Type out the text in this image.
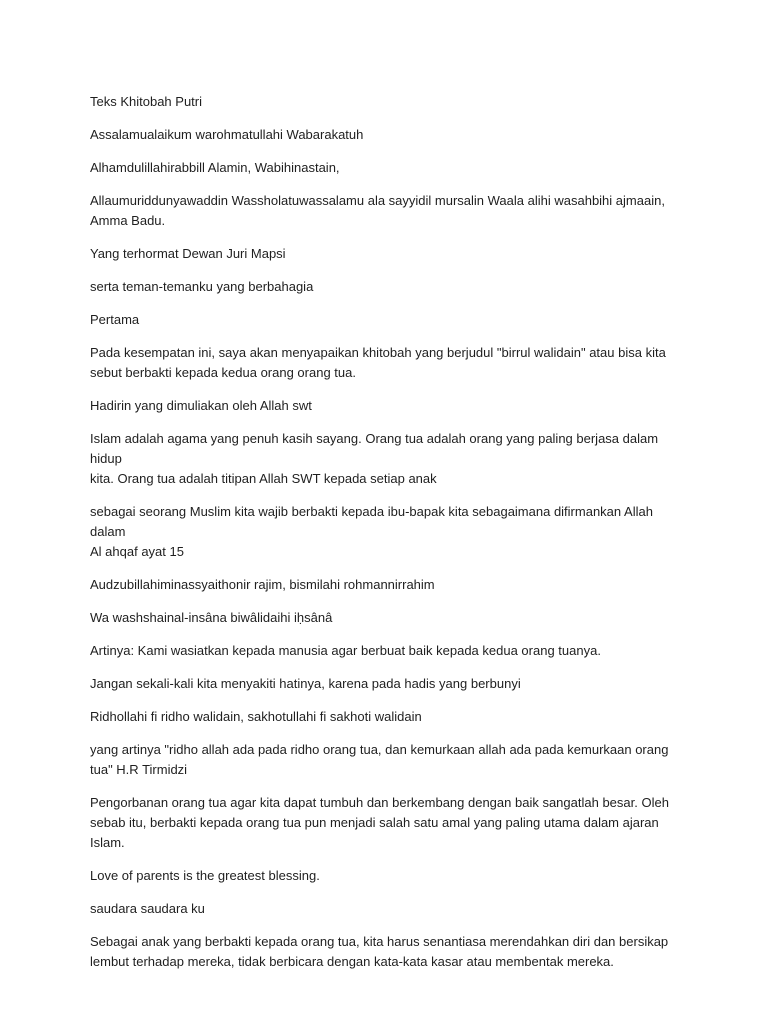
Teks Khitobah Putri

Assalamualaikum warohmatullahi Wabarakatuh

Alhamdulillahirabbill Alamin, Wabihinastain,

Allaumuriddunyawaddin Wassholatuwassalamu ala sayyidil mursalin Waala alihi wasahbihi ajmaain,
Amma Badu.

Yang terhormat Dewan Juri Mapsi

serta teman-temanku yang berbahagia

Pertama

Pada kesempatan ini, saya akan menyapaikan khitobah yang berjudul "birrul walidain" atau bisa kita
sebut berbakti kepada kedua orang orang tua.

Hadirin yang dimuliakan oleh Allah swt

Islam adalah agama yang penuh kasih sayang. Orang tua adalah orang yang paling berjasa dalam hidup
kita. Orang tua adalah titipan Allah SWT kepada setiap anak

sebagai seorang Muslim kita wajib berbakti kepada ibu-bapak kita sebagaimana difirmankan Allah dalam
Al ahqaf ayat 15

Audzubillahiminassyaithonir rajim, bismilahi rohmannirrahim

Wa washshainal-insâna biwâlidaihi iḥsânâ

Artinya: Kami wasiatkan kepada manusia agar berbuat baik kepada kedua orang tuanya.

Jangan sekali-kali kita menyakiti hatinya, karena pada hadis yang berbunyi

Ridhollahi fi ridho walidain, sakhotullahi fi sakhoti walidain

yang artinya "ridho allah ada pada ridho orang tua, dan kemurkaan allah ada pada kemurkaan orang
tua" H.R Tirmidzi

Pengorbanan orang tua agar kita dapat tumbuh dan berkembang dengan baik sangatlah besar. Oleh
sebab itu, berbakti kepada orang tua pun menjadi salah satu amal yang paling utama dalam ajaran
Islam.

Love of parents is the greatest blessing.

saudara saudara ku

Sebagai anak yang berbakti kepada orang tua, kita harus senantiasa merendahkan diri dan bersikap
lembut terhadap mereka, tidak berbicara dengan kata-kata kasar atau membentak mereka.
